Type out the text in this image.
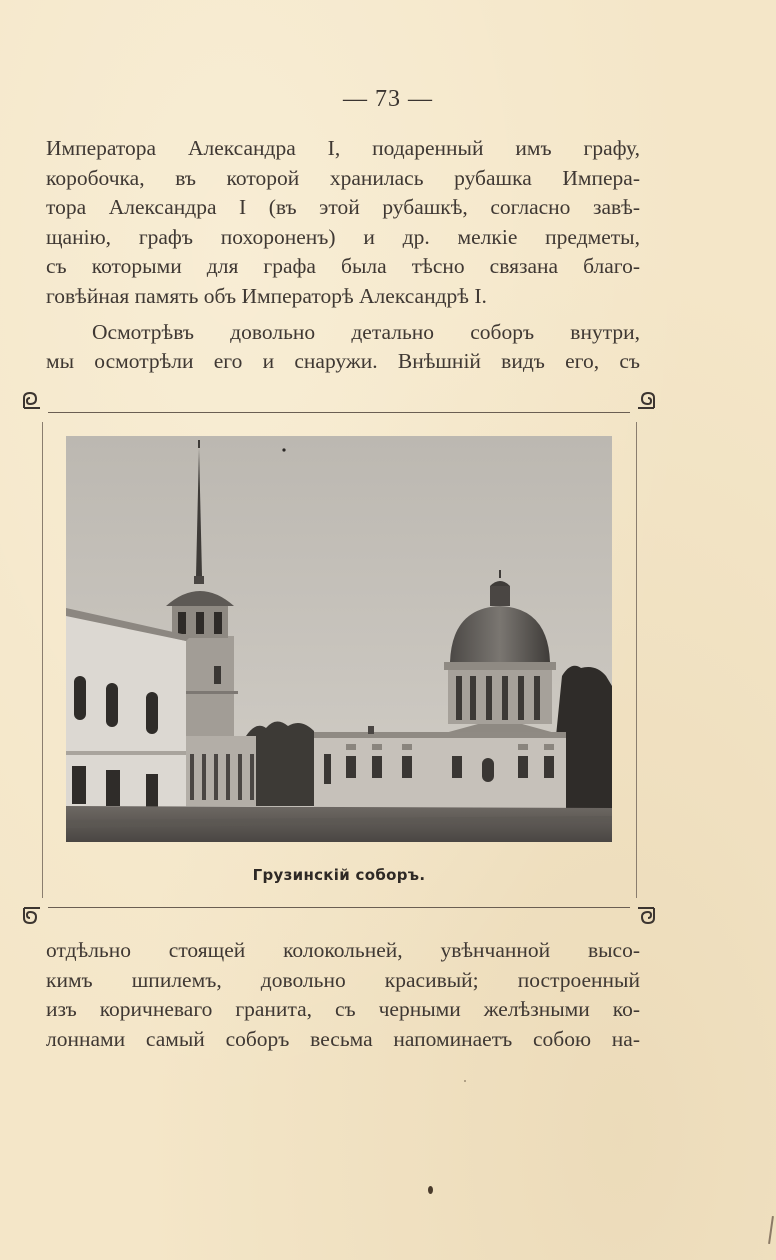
— 73 —
Императора Александра I, подаренный имъ графу,
коробочка, въ которой хранилась рубашка Импера-
тора Александра I (въ этой рубашкѣ, согласно завѣ-
щанію, графъ похороненъ) и др. мелкіе предметы,
съ которыми для графа была тѣсно связана благо-
говѣйная память объ Императорѣ Александрѣ I.
Осмотрѣвъ довольно детально соборъ внутри,
мы осмотрѣли его и снаружи. Внѣшній видъ его, съ
Грузинскій соборъ.
отдѣльно стоящей колокольней, увѣнчанной высо-
кимъ шпилемъ, довольно красивый; построенный
изъ коричневаго гранита, съ черными желѣзными ко-
лоннами самый соборъ весьма напоминаетъ собою на-
